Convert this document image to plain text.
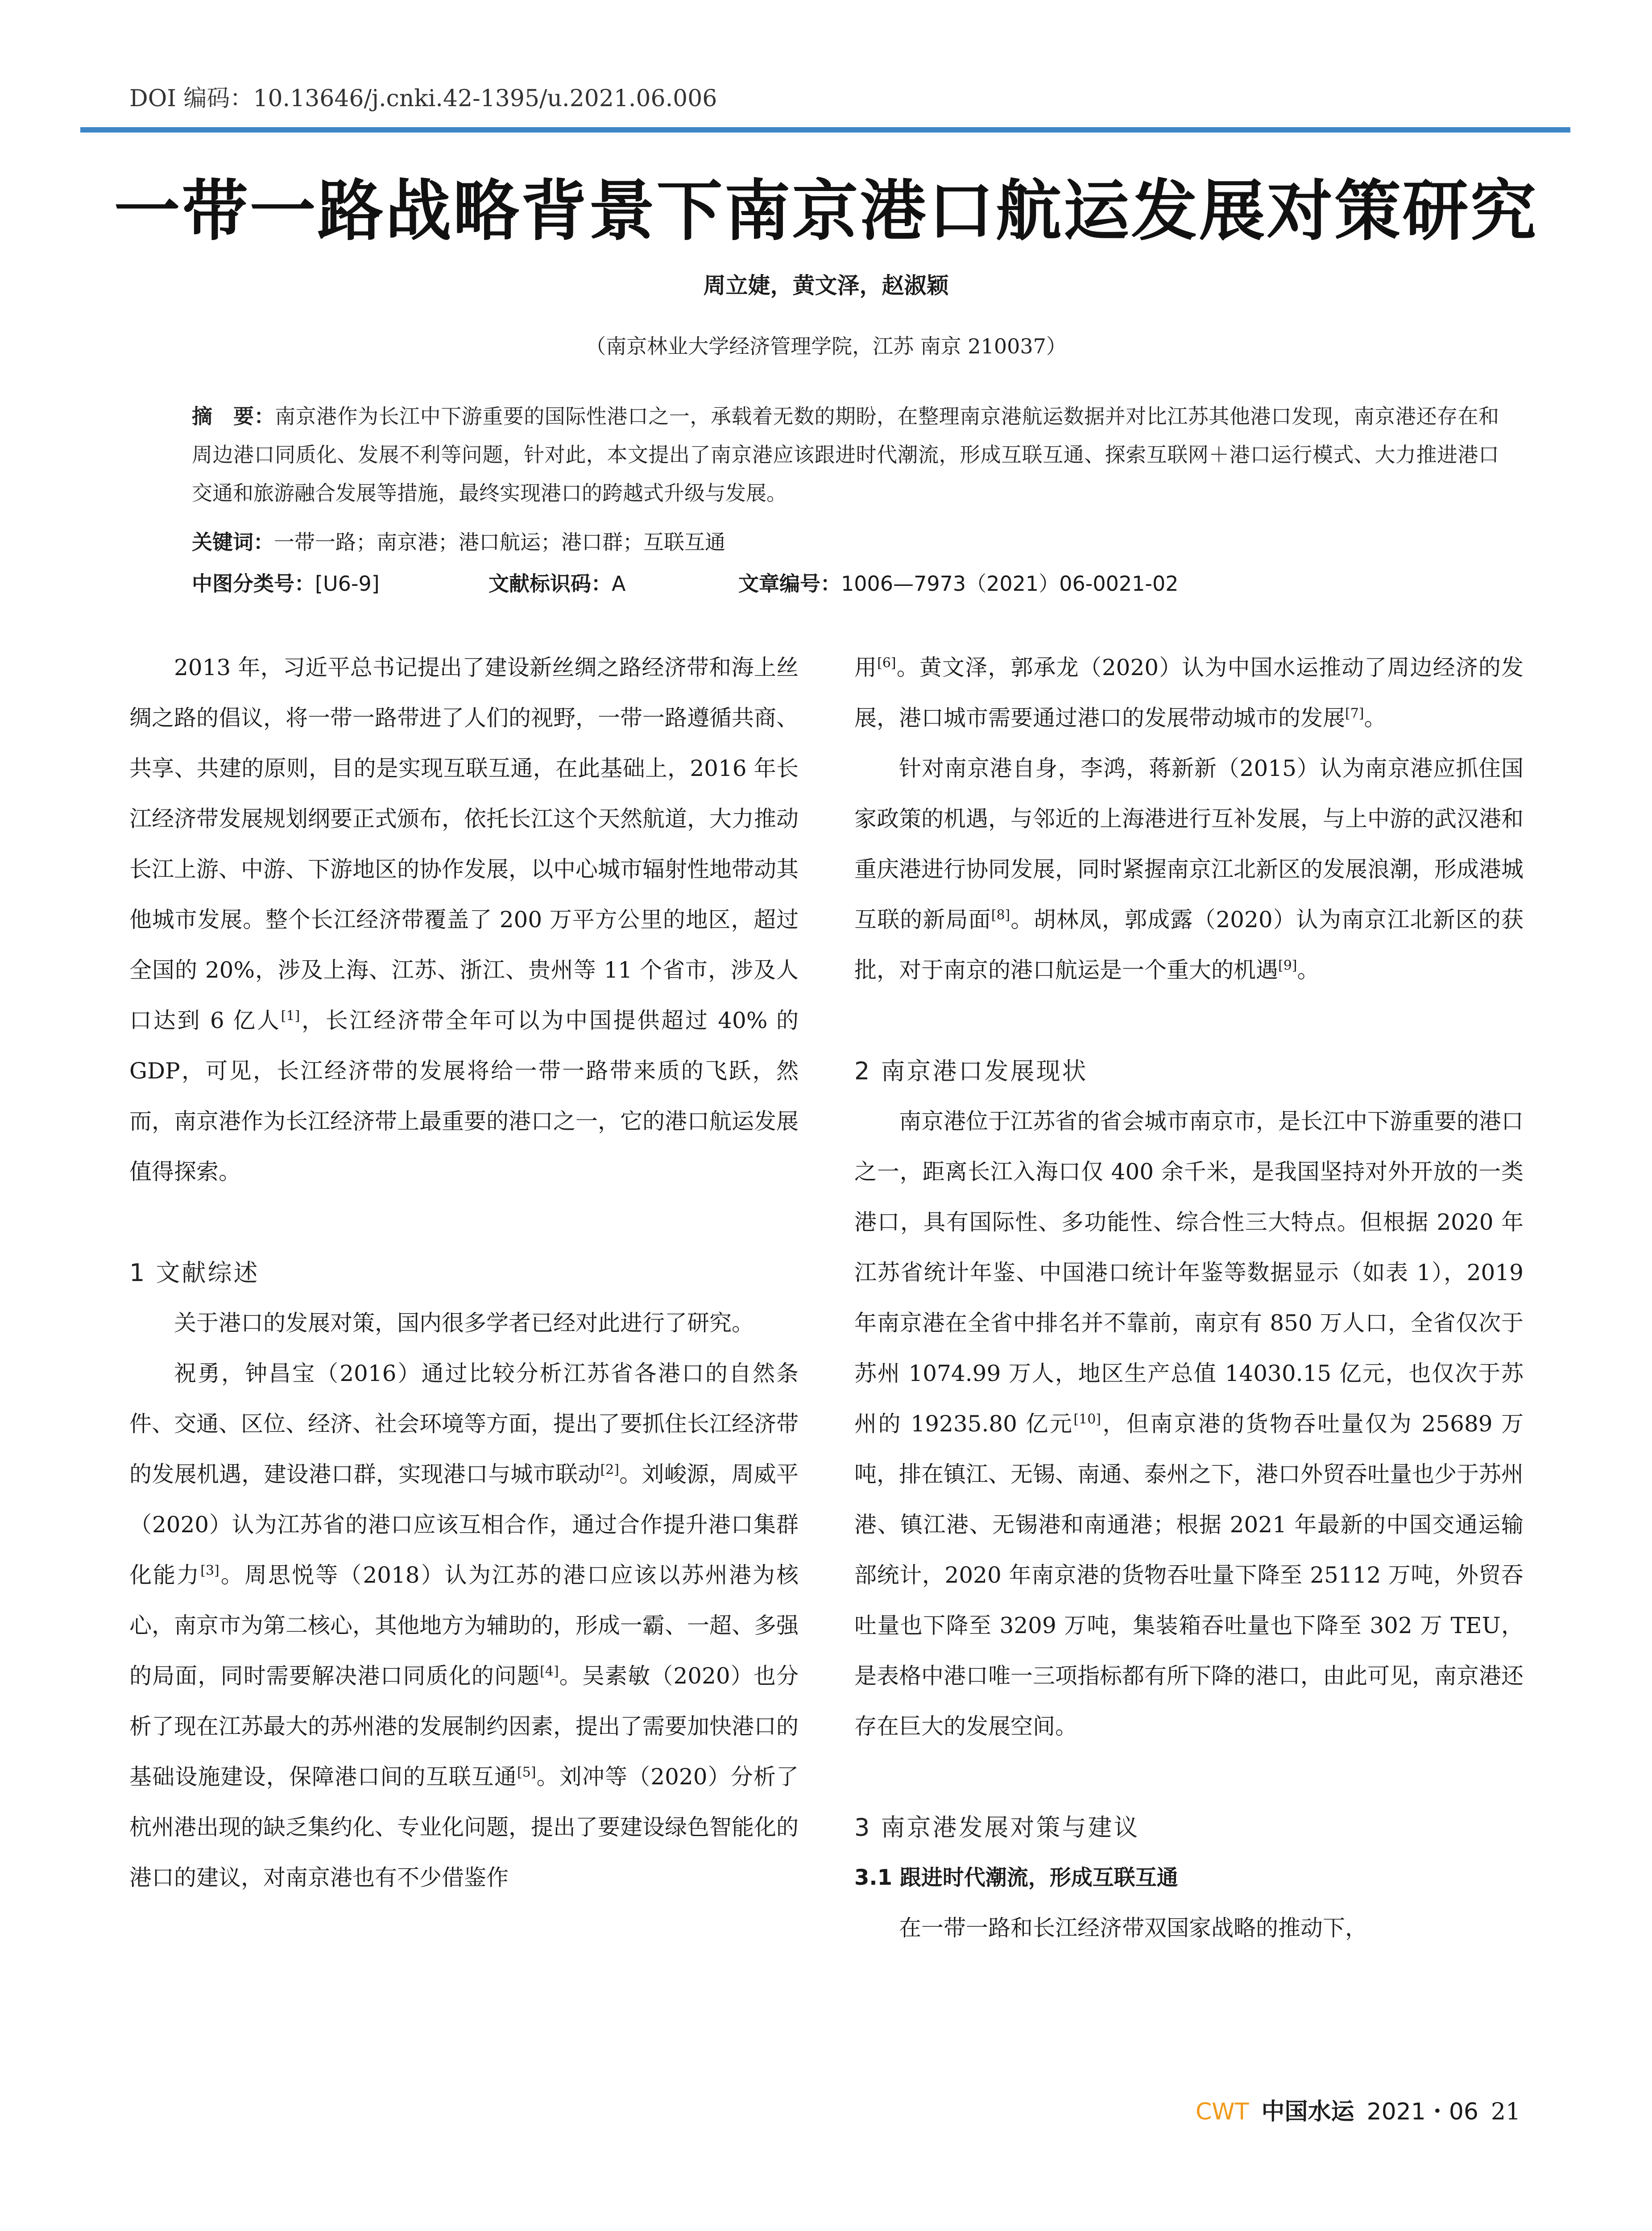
DOI 编码：10.13646/j.cnki.42-1395/u.2021.06.006
一带一路战略背景下南京港口航运发展对策研究
周立婕，黄文泽，赵淑颖
（南京林业大学经济管理学院，江苏 南京 210037）
摘　要：南京港作为长江中下游重要的国际性港口之一，承载着无数的期盼，在整理南京港航运数据并对比江苏其他港口发现，南京港还存在和周边港口同质化、发展不利等问题，针对此，本文提出了南京港应该跟进时代潮流，形成互联互通、探索互联网＋港口运行模式、大力推进港口交通和旅游融合发展等措施，最终实现港口的跨越式升级与发展。
关键词：一带一路；南京港；港口航运；港口群；互联互通
中图分类号： [U6-9]	文献标识码： A	文章编号： 1006—7973（2021）06-0021-02

2013 年，习近平总书记提出了建设新丝绸之路经济带和海上丝绸之路的倡议，将一带一路带进了人们的视野，一带一路遵循共商、共享、共建的原则，目的是实现互联互通，在此基础上，2016 年长江经济带发展规划纲要正式颁布，依托长江这个天然航道，大力推动长江上游、中游、下游地区的协作发展，以中心城市辐射性地带动其他城市发展。整个长江经济带覆盖了 200 万平方公里的地区，超过全国的 20%，涉及上海、江苏、浙江、贵州等 11 个省市，涉及人口达到 6 亿人[1]，长江经济带全年可以为中国提供超过 40% 的 GDP，可见，长江经济带的发展将给一带一路带来质的飞跃，然而，南京港作为长江经济带上最重要的港口之一，它的港口航运发展值得探索。

1 文献综述

关于港口的发展对策，国内很多学者已经对此进行了研究。

祝勇，钟昌宝（2016）通过比较分析江苏省各港口的自然条件、交通、区位、经济、社会环境等方面，提出了要抓住长江经济带的发展机遇，建设港口群，实现港口与城市联动[2]。刘峻源，周威平（2020）认为江苏省的港口应该互相合作，通过合作提升港口集群化能力[3]。周思悦等（2018）认为江苏的港口应该以苏州港为核心，南京市为第二核心，其他地方为辅助的，形成一霸、一超、多强的局面，同时需要解决港口同质化的问题[4]。吴素敏（2020）也分析了现在江苏最大的苏州港的发展制约因素，提出了需要加快港口的基础设施建设，保障港口间的互联互通[5]。刘冲等（2020）分析了杭州港出现的缺乏集约化、专业化问题，提出了要建设绿色智能化的港口的建议，对南京港也有不少借鉴作

用[6]。黄文泽，郭承龙（2020）认为中国水运推动了周边经济的发展，港口城市需要通过港口的发展带动城市的发展[7]。

针对南京港自身，李鸿，蒋新新（2015）认为南京港应抓住国家政策的机遇，与邻近的上海港进行互补发展，与上中游的武汉港和重庆港进行协同发展，同时紧握南京江北新区的发展浪潮，形成港城互联的新局面[8]。胡林凤，郭成露（2020）认为南京江北新区的获批，对于南京的港口航运是一个重大的机遇[9]。

2 南京港口发展现状

南京港位于江苏省的省会城市南京市，是长江中下游重要的港口之一，距离长江入海口仅 400 余千米，是我国坚持对外开放的一类港口，具有国际性、多功能性、综合性三大特点。但根据 2020 年江苏省统计年鉴、中国港口统计年鉴等数据显示（如表 1），2019 年南京港在全省中排名并不靠前，南京有 850 万人口，全省仅次于苏州 1074.99 万人，地区生产总值 14030.15 亿元，也仅次于苏州的 19235.80 亿元[10]，但南京港的货物吞吐量仅为 25689 万吨，排在镇江、无锡、南通、泰州之下，港口外贸吞吐量也少于苏州港、镇江港、无锡港和南通港；根据 2021 年最新的中国交通运输部统计，2020 年南京港的货物吞吐量下降至 25112 万吨，外贸吞吐量也下降至 3209 万吨，集装箱吞吐量也下降至 302 万 TEU，是表格中港口唯一三项指标都有所下降的港口，由此可见，南京港还存在巨大的发展空间。

3 南京港发展对策与建议
3.1 跟进时代潮流，形成互联互通

在一带一路和长江经济带双国家战略的推动下，

CWT 中国水运 2021・06 21
